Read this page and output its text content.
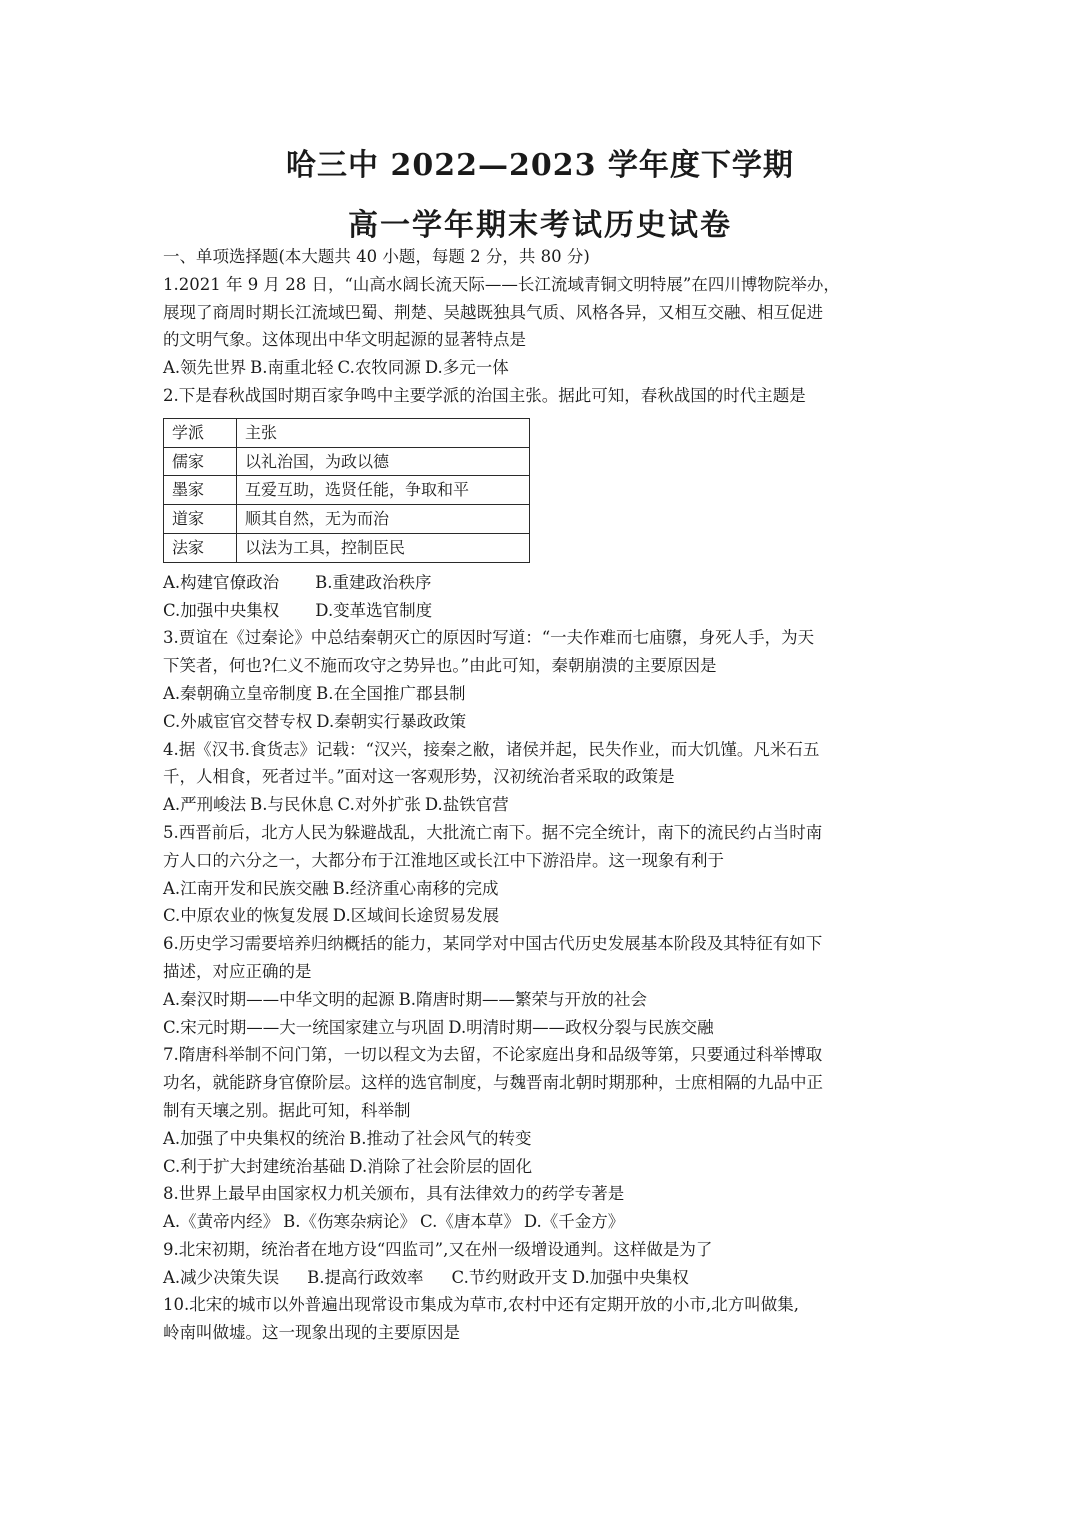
哈三中 2022—2023 学年度下学期
高一学年期末考试历史试卷
一、单项选择题(本大题共 40 小题，每题 2 分，共 80 分)
1.2021 年 9 月 28 日，“山高水阔长流天际——长江流域青铜文明特展”在四川博物院举办，
展现了商周时期长江流域巴蜀、荆楚、吴越既独具气质、风格各异，又相互交融、相互促进
的文明气象。这体现出中华文明起源的显著特点是
A.领先世界 B.南重北轻 C.农牧同源 D.多元一体
2.下是春秋战国时期百家争鸣中主要学派的治国主张。据此可知，春秋战国的时代主题是
学派	主张
儒家	以礼治国，为政以德
墨家	互爱互助，选贤任能，争取和平
道家	顺其自然，无为而治
法家	以法为工具，控制臣民
A.构建官僚政治 B.重建政治秩序
C.加强中央集权 D.变革选官制度
3.贾谊在《过秦论》中总结秦朝灭亡的原因时写道：“一夫作难而七庙隳，身死人手，为天
下笑者，何也?仁义不施而攻守之势异也。”由此可知，秦朝崩溃的主要原因是
A.秦朝确立皇帝制度 B.在全国推广郡县制
C.外戚宦官交替专权 D.秦朝实行暴政政策
4.据《汉书.食货志》记载：“汉兴，接秦之敝，诸侯并起，民失作业，而大饥馑。凡米石五
千，人相食，死者过半。”面对这一客观形势，汉初统治者采取的政策是
A.严刑峻法 B.与民休息 C.对外扩张 D.盐铁官营
5.西晋前后，北方人民为躲避战乱，大批流亡南下。据不完全统计，南下的流民约占当时南
方人口的六分之一，大都分布于江淮地区或长江中下游沿岸。这一现象有利于
A.江南开发和民族交融 B.经济重心南移的完成
C.中原农业的恢复发展 D.区域间长途贸易发展
6.历史学习需要培养归纳概括的能力，某同学对中国古代历史发展基本阶段及其特征有如下
描述，对应正确的是
A.秦汉时期——中华文明的起源 B.隋唐时期——繁荣与开放的社会
C.宋元时期——大一统国家建立与巩固 D.明清时期——政权分裂与民族交融
7.隋唐科举制不问门第，一切以程文为去留，不论家庭出身和品级等第，只要通过科举博取
功名，就能跻身官僚阶层。这样的选官制度，与魏晋南北朝时期那种，士庶相隔的九品中正
制有天壤之别。据此可知，科举制
A.加强了中央集权的统治 B.推动了社会风气的转变
C.利于扩大封建统治基础 D.消除了社会阶层的固化
8.世界上最早由国家权力机关颁布，具有法律效力的药学专著是
A.《黄帝内经》 B.《伤寒杂病论》 C.《唐本草》 D.《千金方》
9.北宋初期，统治者在地方设“四监司”,又在州一级增设通判。这样做是为了
A.减少决策失误 B.提高行政效率 C.节约财政开支 D.加强中央集权
10.北宋的城市以外普遍出现常设市集成为草市,农村中还有定期开放的小市,北方叫做集,
岭南叫做墟。这一现象出现的主要原因是
